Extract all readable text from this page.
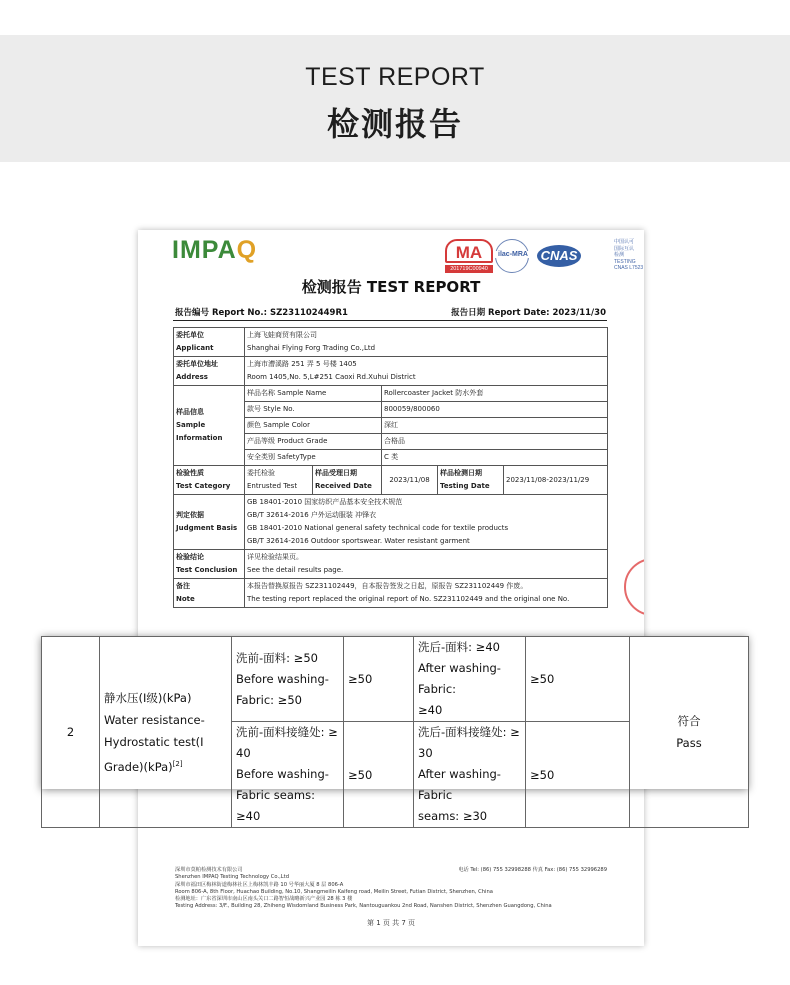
TEST REPORT
检测报告
IMPAQ	MA
201719C00940
ilac-MRA CNAS
中国认可
国际互认
检测
TESTING
CNAS L7523
检测报告 TEST REPORT
报告编号 Report No.: SZ231102449R1	报告日期 Report Date: 2023/11/30
委托单位
Applicant	上海飞蛙商贸有限公司
Shanghai Flying Forg Trading Co.,Ltd				

委托单位地址
Address	上海市漕溪路 251 弄 5 号楼 1405
Room 1405,No. 5,L#251 Caoxi Rd.Xuhui District				

样品信息
Sample
Information	样品名称 Sample Name		Rollercoaster Jacket 防水外套		
	款号 Style No.		800059/800060		
	颜色 Sample Color		深红		
	产品等级 Product Grade		合格品		
	安全类别 SafetyType		C 类		

检验性质
Test Category	委托检验
Entrusted Test	样品受理日期
Received Date	2023/11/08	样品检测日期
Testing Date	2023/11/08-2023/11/29

判定依据
Judgment Basis	GB 18401-2010 国家纺织产品基本安全技术规范
GB/T 32614-2016 户外运动服装 冲锋衣
GB 18401-2010 National general safety technical code for textile products
GB/T 32614-2016 Outdoor sportswear. Water resistant garment				

检验结论
Test Conclusion	详见检验结果页。
See the detail results page.				

备注
Note	本报告替换原报告 SZ231102449，自本报告签发之日起，原报告 SZ231102449 作废。
The testing report replaced the original report of No. SZ231102449 and the original one No.				
电话 Tel: (86) 755 32998288 传真 Fax: (86) 755 32996289
深圳市莫帕检测技术有限公司
Shenzhen IMPAQ Testing Technology Co.,Ltd
深圳市福田区梅林街道梅林社区上梅林凯丰路 10 号华丽大厦 8 层 806-A
Room 806-A, 8th Floor, Huachao Building, No.10, Shangmeilin Kaifeng road, Meilin Street, Futian District, Shenzhen, China
检测地址：广东省深圳市南山区南头关口二路智恒战略新兴产业园 28 栋 3 楼
Testing Address: 3/F., Building 28, Zhiheng Wisdomland Business Park, Nantouguankou 2nd Road, Nanshen District, Shenzhen Guangdong, China
第 1 页 共 7 页
2	静水压(Ⅰ级)(kPa)
Water resistance-
Hydrostatic test(Ⅰ
Grade)(kPa)[2]	洗前-面料: ≥50
Before washing-
Fabric: ≥50	≥50	洗后-面料: ≥40
After washing-Fabric:
≥40	≥50	符合
Pass

		洗前-面料接缝处: ≥
40
Before washing-
Fabric seams: ≥40	≥50	洗后-面料接缝处: ≥
30
After washing-Fabric
seams: ≥30	≥50	
